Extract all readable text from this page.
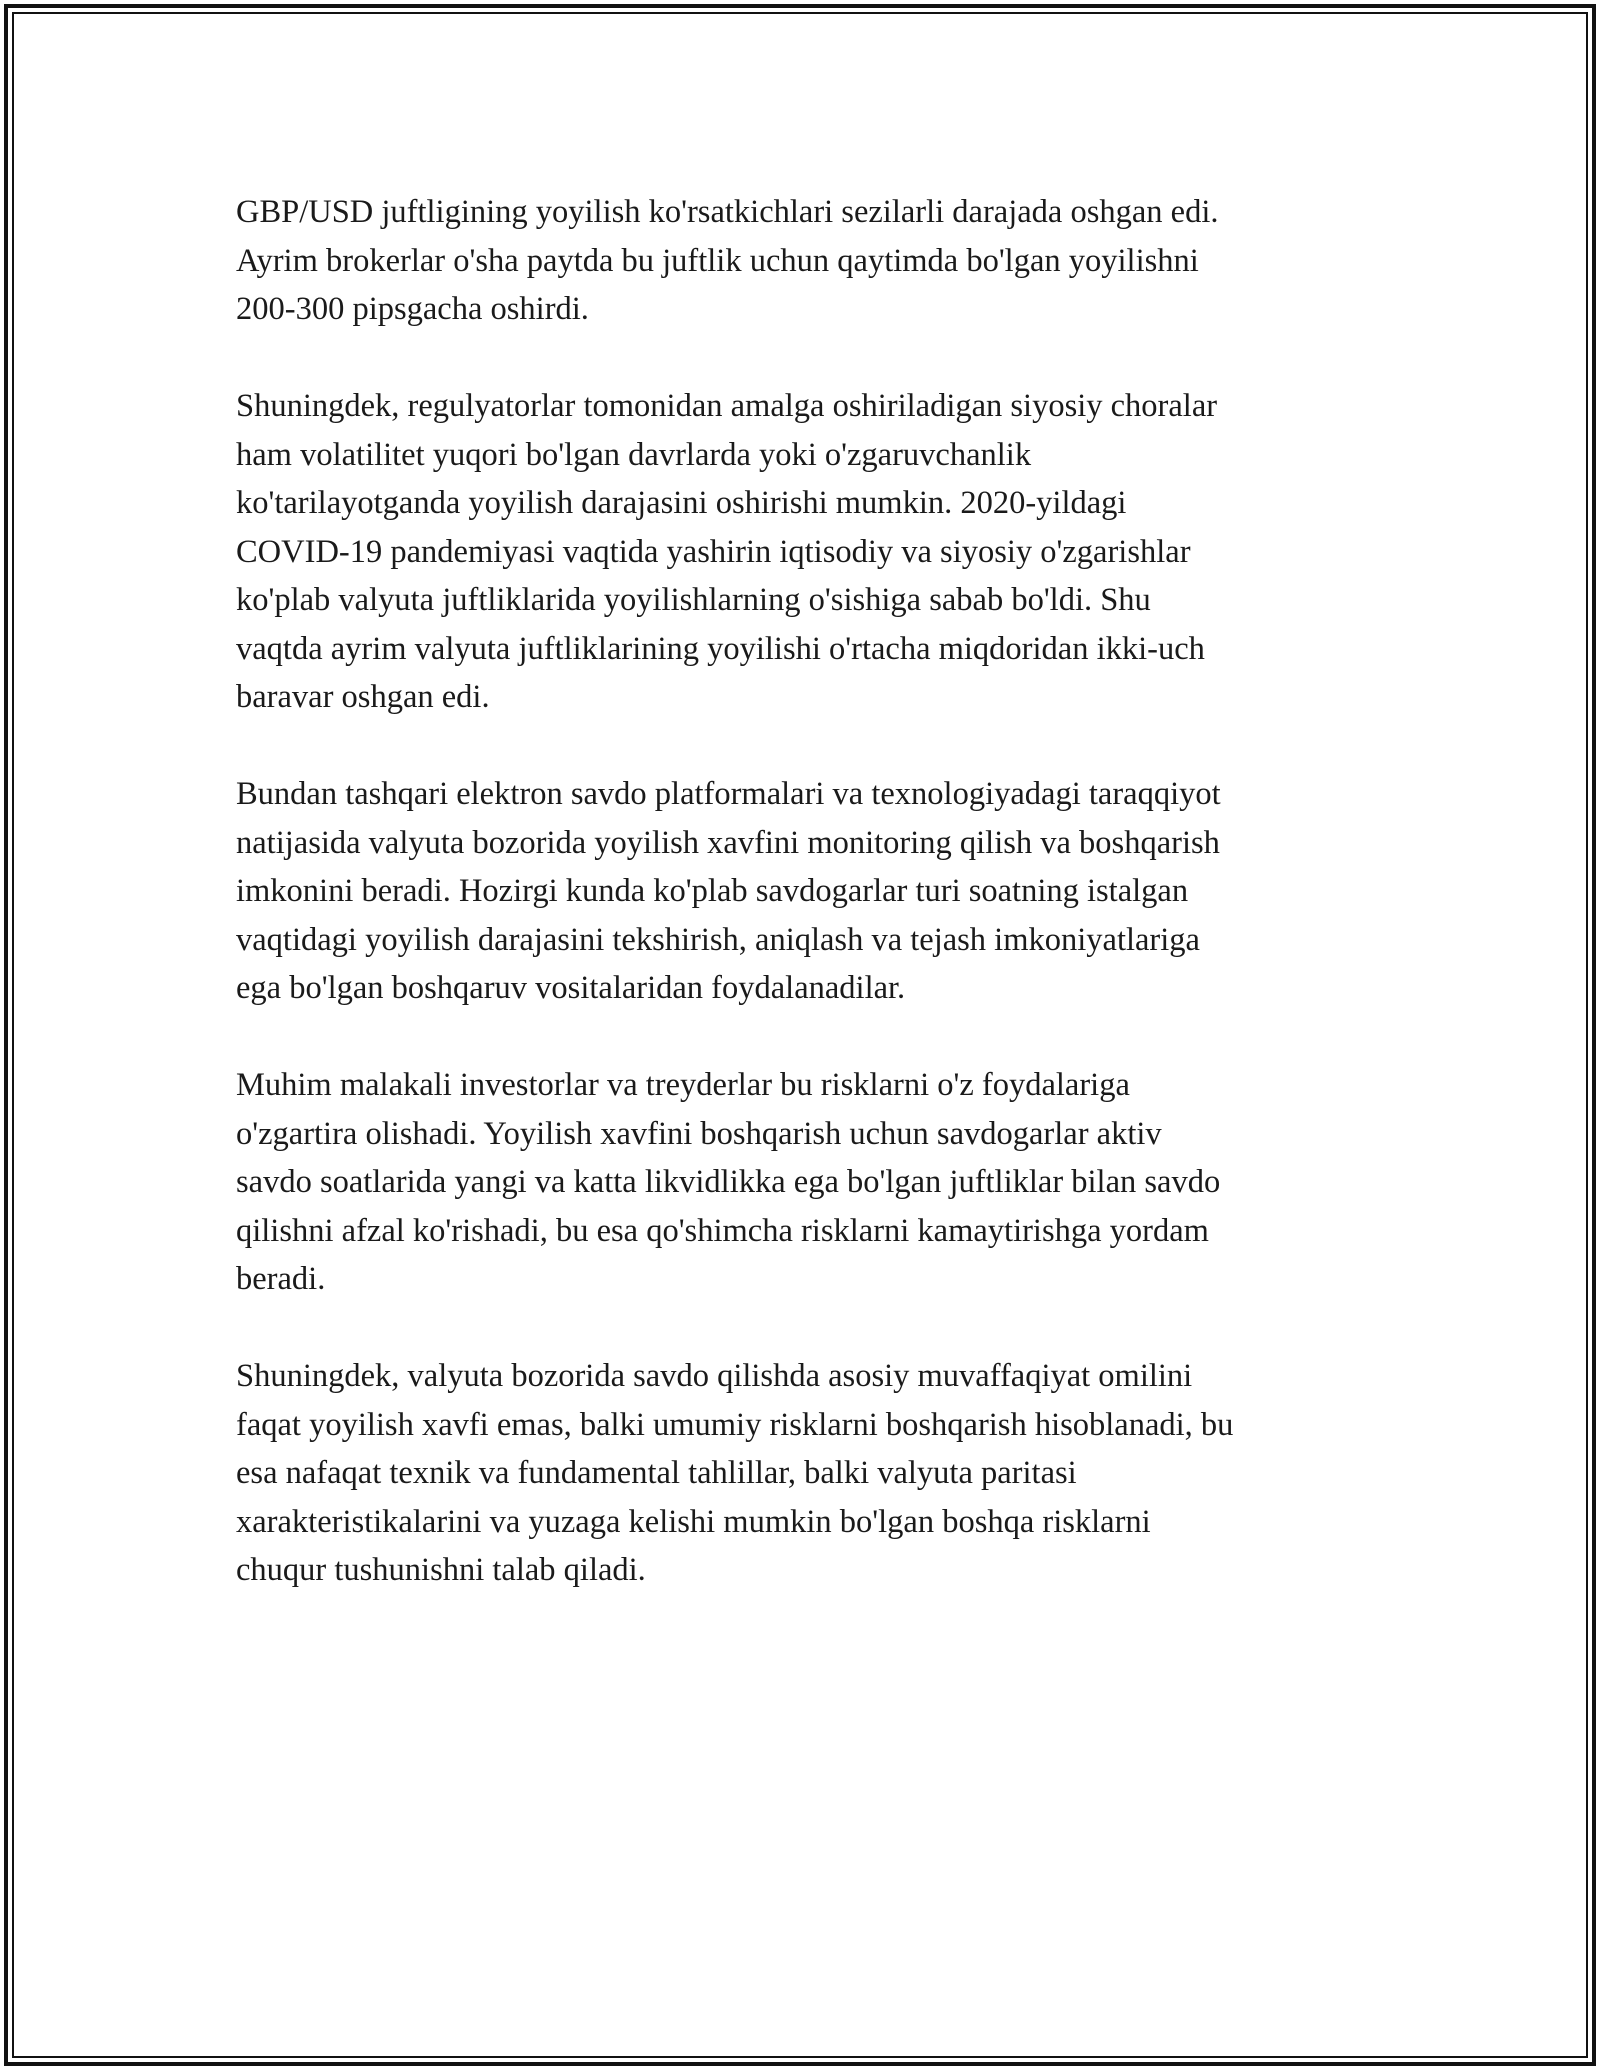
GBP/USD juftligining yoyilish ko'rsatkichlari sezilarli darajada oshgan edi.
Ayrim brokerlar o'sha paytda bu juftlik uchun qaytimda bo'lgan yoyilishni
200-300 pipsgacha oshirdi.

Shuningdek, regulyatorlar tomonidan amalga oshiriladigan siyosiy choralar
ham volatilitet yuqori bo'lgan davrlarda yoki o'zgaruvchanlik
ko'tarilayotganda yoyilish darajasini oshirishi mumkin. 2020-yildagi
COVID-19 pandemiyasi vaqtida yashirin iqtisodiy va siyosiy o'zgarishlar
ko'plab valyuta juftliklarida yoyilishlarning o'sishiga sabab bo'ldi. Shu
vaqtda ayrim valyuta juftliklarining yoyilishi o'rtacha miqdoridan ikki-uch
baravar oshgan edi.

Bundan tashqari elektron savdo platformalari va texnologiyadagi taraqqiyot
natijasida valyuta bozorida yoyilish xavfini monitoring qilish va boshqarish
imkonini beradi. Hozirgi kunda ko'plab savdogarlar turi soatning istalgan
vaqtidagi yoyilish darajasini tekshirish, aniqlash va tejash imkoniyatlariga
ega bo'lgan boshqaruv vositalaridan foydalanadilar.

Muhim malakali investorlar va treyderlar bu risklarni o'z foydalariga
o'zgartira olishadi. Yoyilish xavfini boshqarish uchun savdogarlar aktiv
savdo soatlarida yangi va katta likvidlikka ega bo'lgan juftliklar bilan savdo
qilishni afzal ko'rishadi, bu esa qo'shimcha risklarni kamaytirishga yordam
beradi.

Shuningdek, valyuta bozorida savdo qilishda asosiy muvaffaqiyat omilini
faqat yoyilish xavfi emas, balki umumiy risklarni boshqarish hisoblanadi, bu
esa nafaqat texnik va fundamental tahlillar, balki valyuta paritasi
xarakteristikalarini va yuzaga kelishi mumkin bo'lgan boshqa risklarni
chuqur tushunishni talab qiladi.
